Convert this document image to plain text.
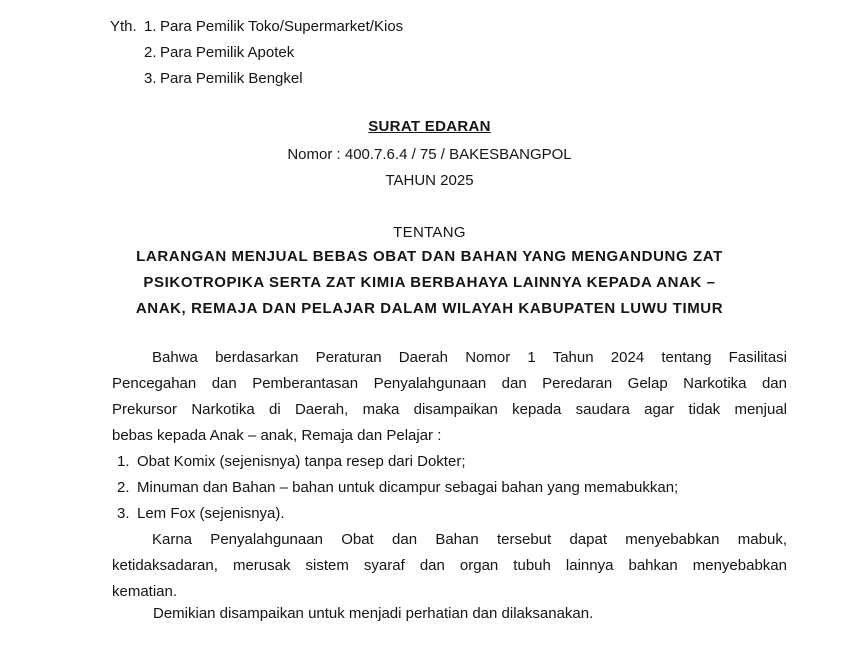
Yth. 1. Para Pemilik Toko/Supermarket/Kios
2. Para Pemilik Apotek
3. Para Pemilik Bengkel
SURAT EDARAN
Nomor : 400.7.6.4 / 75 / BAKESBANGPOL
TAHUN 2025
TENTANG
LARANGAN MENJUAL BEBAS OBAT DAN BAHAN YANG MENGANDUNG ZAT
PSIKOTROPIKA SERTA ZAT KIMIA BERBAHAYA LAINNYA KEPADA ANAK –
ANAK, REMAJA DAN PELAJAR DALAM WILAYAH KABUPATEN LUWU TIMUR
Bahwa berdasarkan Peraturan Daerah Nomor 1 Tahun 2024 tentang Fasilitasi
Pencegahan dan Pemberantasan Penyalahgunaan dan Peredaran Gelap Narkotika dan
Prekursor Narkotika di Daerah, maka disampaikan kepada saudara agar tidak menjual
bebas kepada Anak – anak, Remaja dan Pelajar :
1. Obat Komix (sejenisnya) tanpa resep dari Dokter;
2. Minuman dan Bahan – bahan untuk dicampur sebagai bahan yang memabukkan;
3. Lem Fox (sejenisnya).
Karna Penyalahgunaan Obat dan Bahan tersebut dapat menyebabkan mabuk,
ketidaksadaran, merusak sistem syaraf dan organ tubuh lainnya bahkan menyebabkan
kematian.
Demikian disampaikan untuk menjadi perhatian dan dilaksanakan.
